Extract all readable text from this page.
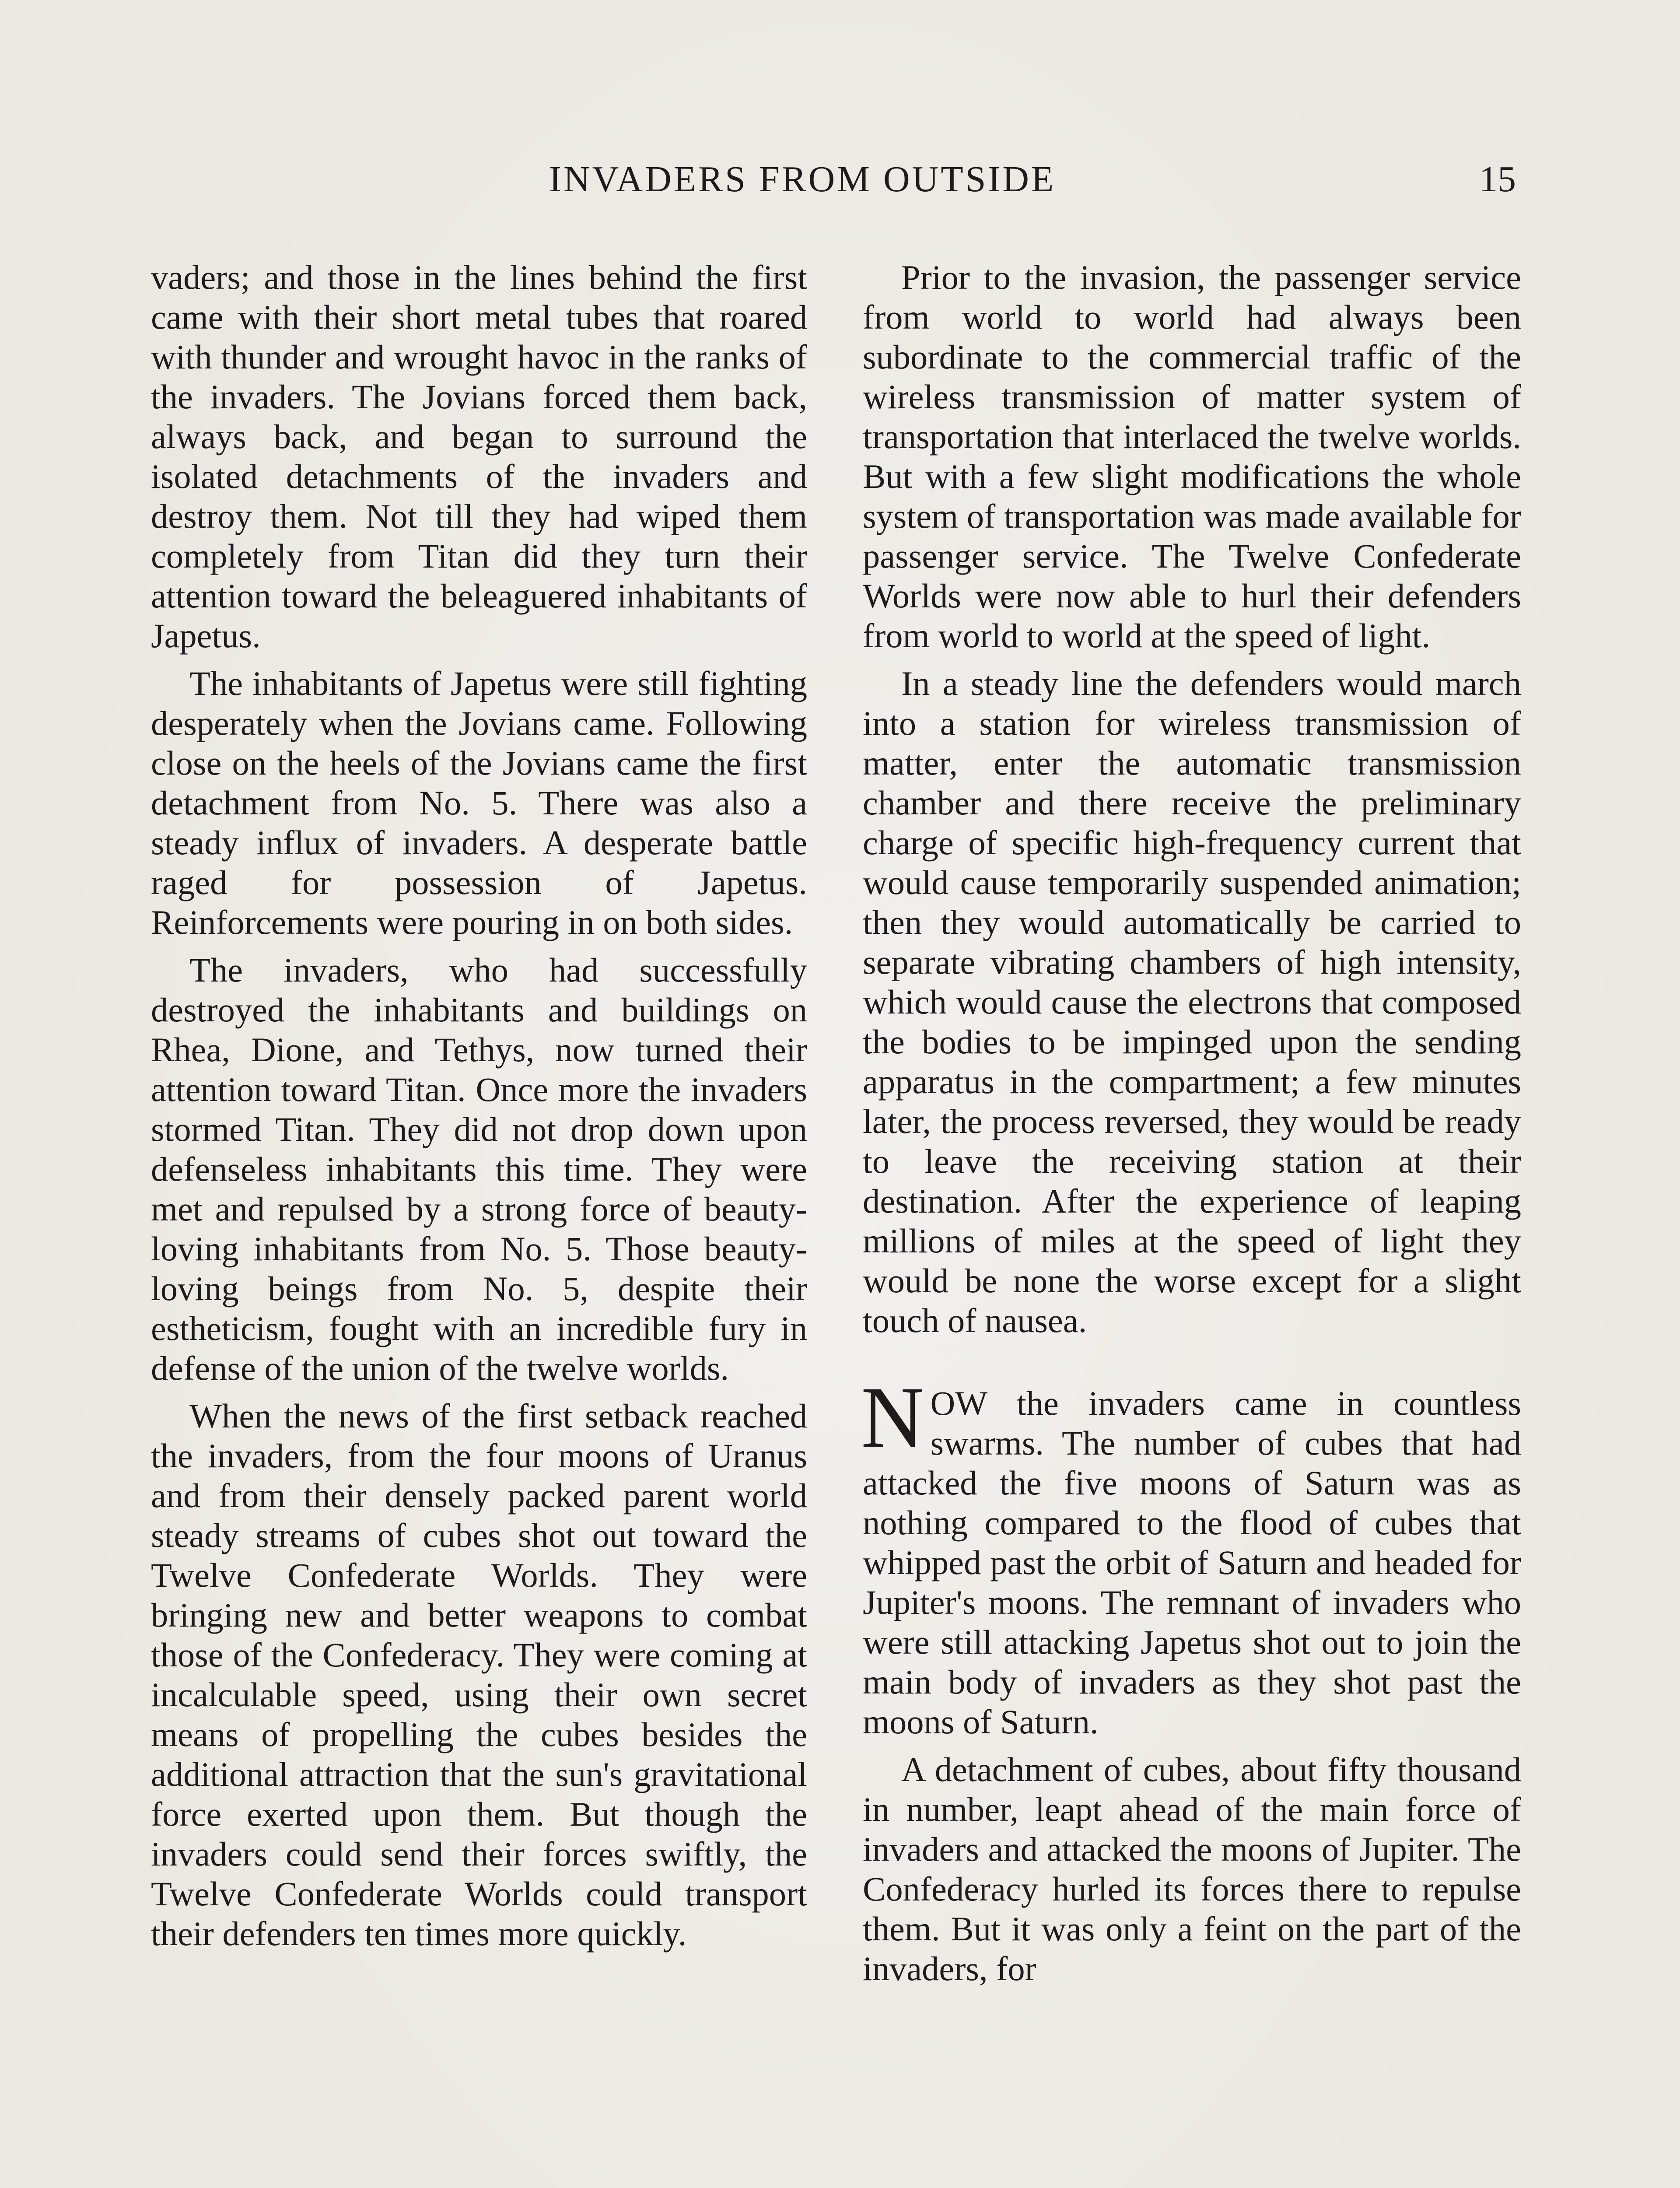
INVADERS FROM OUTSIDE	15

vaders; and those in the lines behind the first came with their short metal tubes that roared with thunder and wrought havoc in the ranks of the invaders. The Jovians forced them back, always back, and began to surround the isolated detachments of the invaders and destroy them. Not till they had wiped them completely from Titan did they turn their attention toward the beleaguered inhabitants of Japetus.

The inhabitants of Japetus were still fighting desperately when the Jovians came. Following close on the heels of the Jovians came the first detachment from No. 5. There was also a steady influx of invaders. A desperate battle raged for possession of Japetus. Reinforcements were pouring in on both sides.

The invaders, who had successfully destroyed the inhabitants and buildings on Rhea, Dione, and Tethys, now turned their attention toward Titan. Once more the invaders stormed Titan. They did not drop down upon defenseless inhabitants this time. They were met and repulsed by a strong force of beauty-loving inhabitants from No. 5. Those beauty-loving beings from No. 5, despite their estheticism, fought with an incredible fury in defense of the union of the twelve worlds.

When the news of the first setback reached the invaders, from the four moons of Uranus and from their densely packed parent world steady streams of cubes shot out toward the Twelve Confederate Worlds. They were bringing new and better weapons to combat those of the Confederacy. They were coming at incalculable speed, using their own secret means of propelling the cubes besides the additional attraction that the sun's gravitational force exerted upon them. But though the invaders could send their forces swiftly, the Twelve Confederate Worlds could transport their defenders ten times more quickly.

Prior to the invasion, the passenger service from world to world had always been subordinate to the commercial traffic of the wireless transmission of matter system of transportation that interlaced the twelve worlds. But with a few slight modifications the whole system of transportation was made available for passenger service. The Twelve Confederate Worlds were now able to hurl their defenders from world to world at the speed of light.

In a steady line the defenders would march into a station for wireless transmission of matter, enter the automatic transmission chamber and there receive the preliminary charge of specific high-frequency current that would cause temporarily suspended animation; then they would automatically be carried to separate vibrating chambers of high intensity, which would cause the electrons that composed the bodies to be impinged upon the sending apparatus in the compartment; a few minutes later, the process reversed, they would be ready to leave the receiving station at their destination. After the experience of leaping millions of miles at the speed of light they would be none the worse except for a slight touch of nausea.

NOW the invaders came in countless swarms. The number of cubes that had attacked the five moons of Saturn was as nothing compared to the flood of cubes that whipped past the orbit of Saturn and headed for Jupiter's moons. The remnant of invaders who were still attacking Japetus shot out to join the main body of invaders as they shot past the moons of Saturn.

A detachment of cubes, about fifty thousand in number, leapt ahead of the main force of invaders and attacked the moons of Jupiter. The Confederacy hurled its forces there to repulse them. But it was only a feint on the part of the invaders, for
